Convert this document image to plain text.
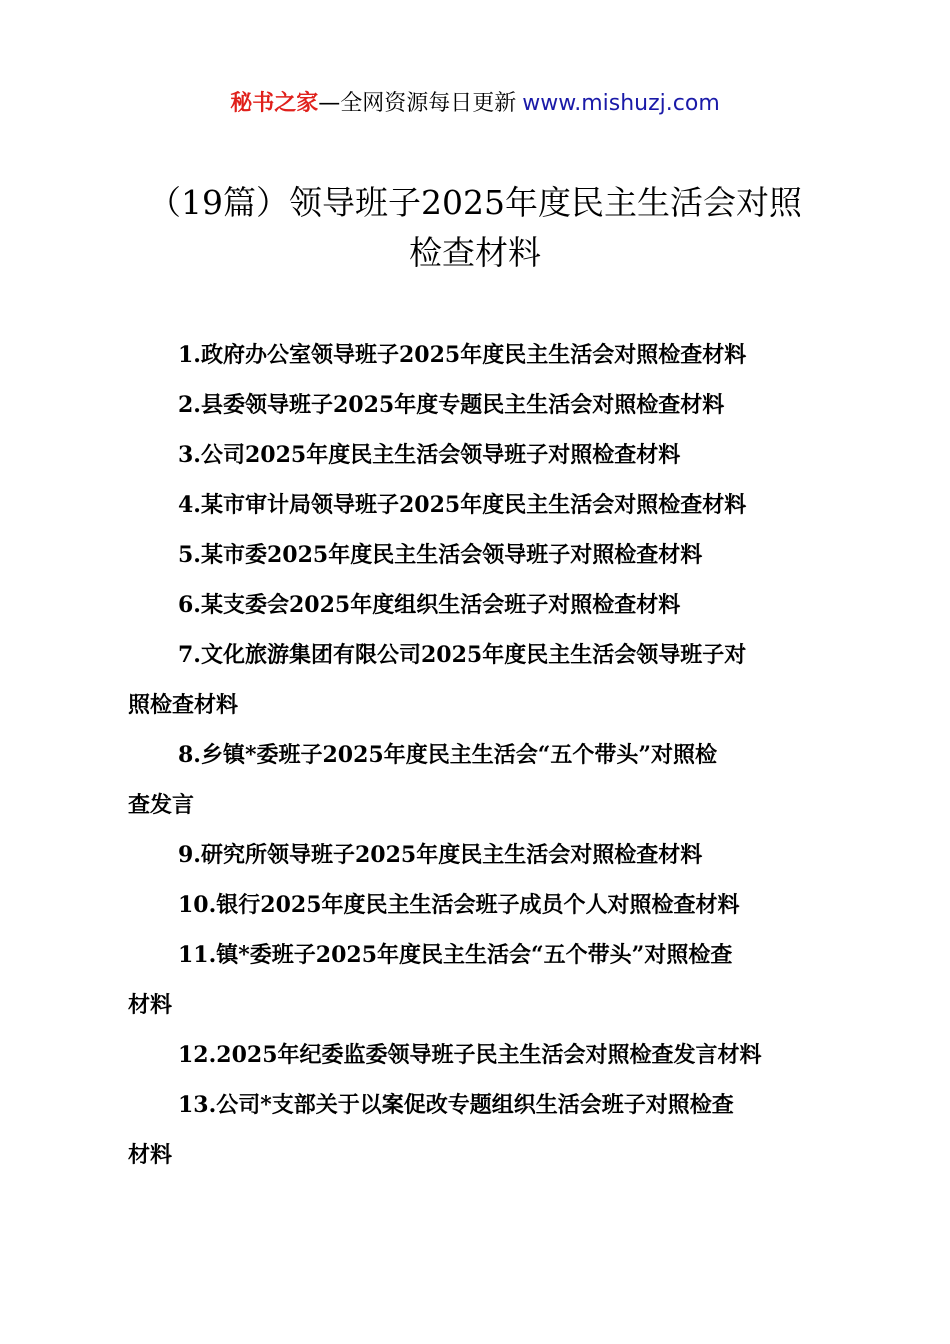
秘书之家—全网资源每日更新 www.mishuzj.com
（19篇）领导班子2025年度民主生活会对照
检查材料
1.政府办公室领导班子2025年度民主生活会对照检查材料
2.县委领导班子2025年度专题民主生活会对照检查材料
3.公司2025年度民主生活会领导班子对照检查材料
4.某市审计局领导班子2025年度民主生活会对照检查材料
5.某市委2025年度民主生活会领导班子对照检查材料
6.某支委会2025年度组织生活会班子对照检查材料
7.文化旅游集团有限公司2025年度民主生活会领导班子对
照检查材料
8.乡镇*委班子2025年度民主生活会“五个带头”对照检
查发言
9.研究所领导班子2025年度民主生活会对照检查材料
10.银行2025年度民主生活会班子成员个人对照检查材料
11.镇*委班子2025年度民主生活会“五个带头”对照检查
材料
12.2025年纪委监委领导班子民主生活会对照检查发言材料
13.公司*支部关于以案促改专题组织生活会班子对照检查
材料
